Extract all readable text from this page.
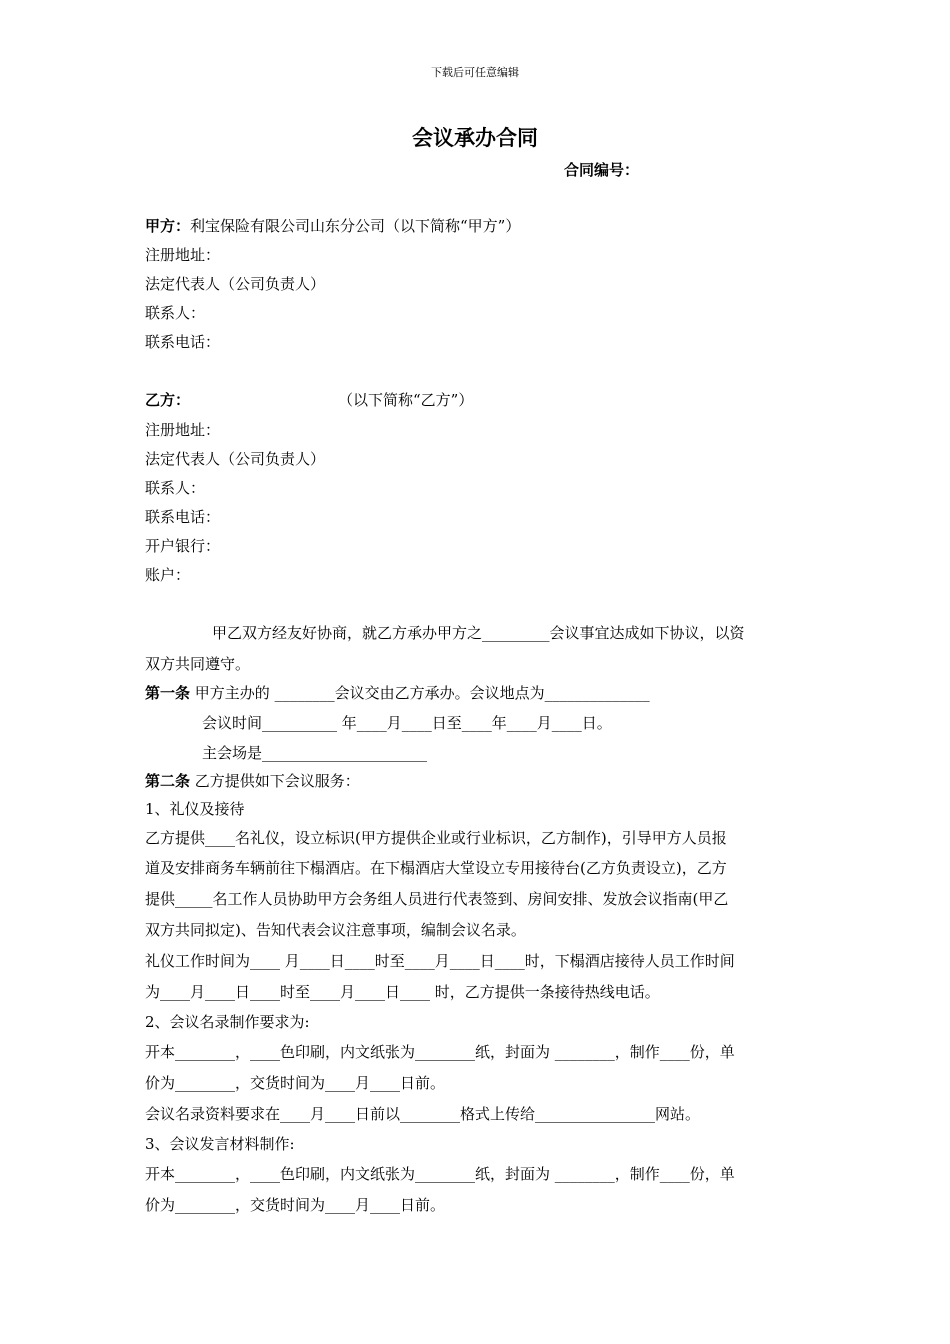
下载后可任意编辑
会议承办合同
合同编号：
甲方：利宝保险有限公司山东分公司（以下简称“甲方”）
注册地址：
法定代表人（公司负责人）
联系人：
联系电话：
乙方：	（以下简称“乙方”）
注册地址：
法定代表人（公司负责人）
联系人：
联系电话：
开户银行：
账户：
甲乙双方经友好协商，就乙方承办甲方之_________会议事宜达成如下协议，以资
双方共同遵守。
第一条 甲方主办的 ________会议交由乙方承办。会议地点为______________
会议时间__________ 年____月____日至____年____月____日。
主会场是______________________
第二条 乙方提供如下会议服务：
1、礼仪及接待
乙方提供____名礼仪，设立标识(甲方提供企业或行业标识，乙方制作)，引导甲方人员报
道及安排商务车辆前往下榻酒店。在下榻酒店大堂设立专用接待台(乙方负责设立)，乙方
提供_____名工作人员协助甲方会务组人员进行代表签到、房间安排、发放会议指南(甲乙
双方共同拟定)、告知代表会议注意事项，编制会议名录。
礼仪工作时间为____ 月____日____时至____月____日____时，下榻酒店接待人员工作时间
为____月____日____时至____月____日____ 时，乙方提供一条接待热线电话。
2、会议名录制作要求为:
开本________，____色印刷，内文纸张为________纸，封面为 ________，制作____份，单
价为________，交货时间为____月____日前。
会议名录资料要求在____月____日前以________格式上传给________________网站。
3、会议发言材料制作:
开本________，____色印刷，内文纸张为________纸，封面为 ________，制作____份，单
价为________，交货时间为____月____日前。
